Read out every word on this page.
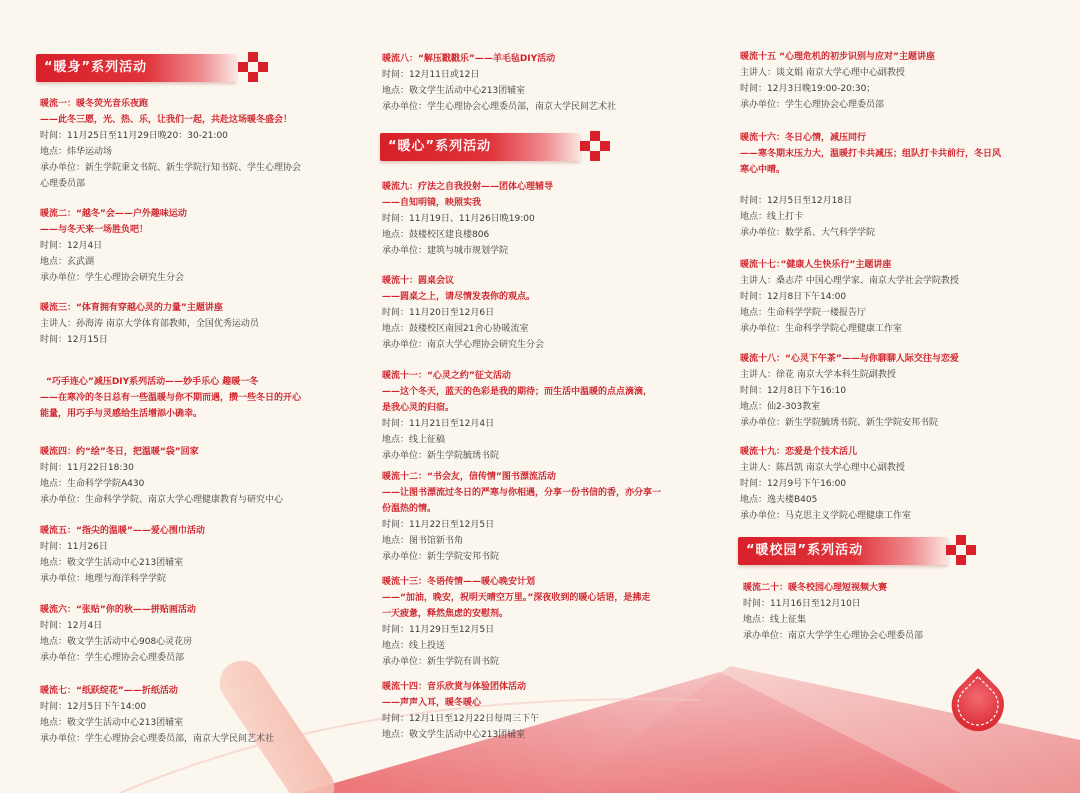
“暖身”系列活动
暖流一：暖冬荧光音乐夜跑
——此冬三愿，光、热、乐，让我们一起，共赴这场暖冬盛会！
时间：11月25日至11月29日晚20：30-21:00
地点：炜华运动场
承办单位：新生学院秉文书院、新生学院行知书院、学生心理协会
心理委员部
暖流二：“越冬”会——户外趣味运动
——与冬天来一场胜负吧！
时间：12月4日
地点：玄武湖
承办单位：学生心理协会研究生分会
暖流三：“体育拥有穿越心灵的力量”主题讲座
主讲人：孙海涛 南京大学体育部教师，全国优秀运动员
时间：12月15日
“巧手连心”减压DIY系列活动——妙手乐心 趣暖一冬
——在寒冷的冬日总有一些温暖与你不期而遇，攒一些冬日的开心
能量，用巧手与灵感给生活增添小确幸。
暖流四：约“绘”冬日，把温暖“袋”回家
时间：11月22日18:30
地点：生命科学学院A430
承办单位：生命科学学院、南京大学心理健康教育与研究中心
暖流五：“指尖的温暖”——爱心围巾活动
时间：11月26日
地点：敬文学生活动中心213团辅室
承办单位：地理与海洋科学学院
暖流六：“张贴”你的秋——拼贴画活动
时间：12月4日
地点：敬文学生活动中心908心灵花房
承办单位：学生心理协会心理委员部
暖流七：“纸跃绽花”——折纸活动
时间：12月5日下午14:00
地点：敬文学生活动中心213团辅室
承办单位：学生心理协会心理委员部，南京大学民间艺术社
暖流八：“解压戳戳乐”——羊毛毡DIY活动
时间：12月11日或12日
地点：敬文学生活动中心213团辅室
承办单位：学生心理协会心理委员部，南京大学民间艺术社
“暖心”系列活动
暖流九：疗法之自我投射——团体心理辅导
——自知明镜，映照实我
时间：11月19日、11月26日晚19:00
地点：鼓楼校区建良楼806
承办单位：建筑与城市规划学院
暖流十：圆桌会议
——圆桌之上，请尽情发表你的观点。
时间：11月20日至12月6日
地点：鼓楼校区南园21舍心协暖流室
承办单位：南京大学心理协会研究生分会
暖流十一：“心灵之约”征文活动
——这个冬天，蓝天的色彩是我的期待；而生活中温暖的点点滴滴，
是我心灵的归宿。
时间：11月21日至12月4日
地点：线上征稿
承办单位：新生学院毓琇书院
暖流十二：“书会友，信传情”图书漂流活动
——让图书漂流过冬日的严寒与你相遇，分享一份书信的香，亦分享一
份温热的情。
时间：11月22日至12月5日
地点：图书馆新书角
承办单位：新生学院安邦书院
暖流十三：冬语传情——暖心晚安计划
——“加油，晚安，祝明天晴空万里。”深夜收到的暖心话语，是拂走
一天疲惫，释然焦虑的安慰剂。
时间：11月29日至12月5日
地点：线上投送
承办单位：新生学院有训书院
暖流十四：音乐欣赏与体验团体活动
——声声入耳，暖冬暖心
时间：12月1日至12月22日每周三下午
地点：敬文学生活动中心213团辅室
暖流十五 “心理危机的初步识别与应对”主题讲座
主讲人：谈文娟 南京大学心理中心副教授
时间：12月3日晚19:00-20:30；
承办单位：学生心理协会心理委员部
暖流十六：冬日心情，减压同行
——寒冬期末压力大，温暖打卡共减压；组队打卡共前行，冬日风
寒心中晴。
时间：12月5日至12月18日
地点：线上打卡
承办单位：数学系、大气科学学院
暖流十七：”健康人生快乐行”主题讲座
主讲人：桑志芹 中国心理学家、南京大学社会学院教授
时间：12月8日下午14:00
地点：生命科学学院一楼报告厅
承办单位：生命科学学院心理健康工作室
暖流十八：“心灵下午茶”——与你聊聊人际交往与恋爱
主讲人：徐花 南京大学本科生院副教授
时间：12月8日下午16:10
地点：仙2-303教室
承办单位：新生学院毓琇书院、新生学院安邦书院
暖流十九：恋爱是个技术活儿
主讲人：陈昌凯 南京大学心理中心副教授
时间：12月9号下午16:00
地点：逸夫楼B405
承办单位：马克思主义学院心理健康工作室
“暖校园”系列活动
暖流二十：暖冬校园心理短视频大赛
时间：11月16日至12月10日
地点：线上征集
承办单位：南京大学学生心理协会心理委员部
